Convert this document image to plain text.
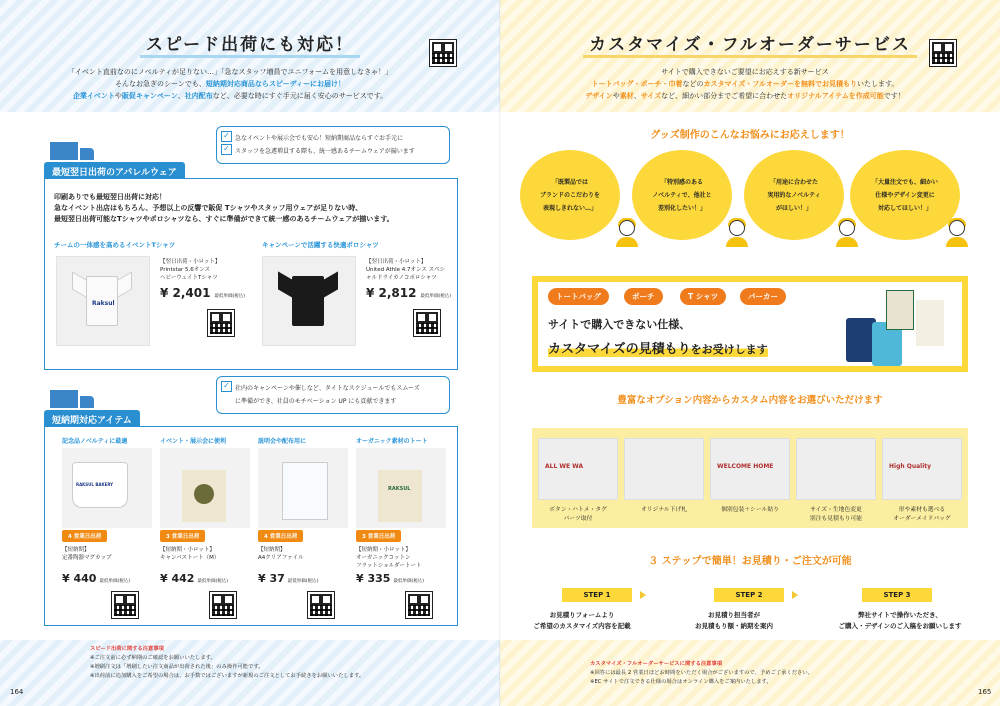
スピード出荷にも対応！
「イベント直前なのにノベルティが足りない…」「急なスタッフ増員でユニフォームを用意しなきゃ！」
そんなお急ぎのシーンでも、短納期対応商品ならスピーディーにお届け！
企業イベントや販促キャンペーン、社内配布など、必要な時にすぐ手元に届く安心のサービスです。
✓ 急なイベントや展示会でも安心！短納期商品ならすぐお手元に
✓ スタッフを急遽増員する際も、統一感あるチームウェアが揃います
最短翌日出荷のアパレルウェア
印刷ありでも最短翌日出荷に対応！
急なイベント出店はもちろん、予想以上の反響で販促 Tシャツやスタッフ用ウェアが足りない時、
最短翌日出荷可能なTシャツやポロシャツなら、すぐに準備ができて統一感のあるチームウェアが揃います。
チームの一体感を高めるイベントTシャツ
Raksul
【翌日出荷・小ロット】
Printstar 5.6オンス
ヘビーウェイトTシャツ
¥ 2,401 最低単価(税込)
キャンペーンで活躍する快適ポロシャツ
【翌日出荷・小ロット】
United Athle 4.7オンス スペシ
ャルドライカノコポロシャツ
¥ 2,812 最低単価(税込)
✓ 社内のキャンペーンや催しなど、タイトなスケジュールでもスムーズ
に準備ができ、社員のモチベーション UP にも貢献できます
短納期対応アイテム
記念品ノベルティに最適
4 営業日出荷
【短納期】
定番陶器マグカップ
¥ 440 最低単価(税込)
イベント・展示会に便利
3 営業日出荷
【短納期・小ロット】
キャンバストート（M）
¥ 442 最低単価(税込)
説明会や配布用に
4 営業日出荷
【短納期】
A4クリアファイル
¥ 37 最低単価(税込)
オーガニック素材のトート
3 営業日出荷
【短納期・小ロット】
オーガニックコットン
フラットショルダートート
¥ 335 最低単価(税込)
RAKSUL BAKERY
RAKSUL
スピード出荷に関する注意事項
※ご注文前に必ず納期のご確認をお願いいたします。
※増刷注文は「増刷したい注文商品が出荷された後」のみ操作可能です。
※出荷前に追加購入をご希望の場合は、お手数ではございますが新規のご注文としてお手続きをお願いいたします。
164
カスタマイズ・フルオーダーサービス
サイトで購入できないご要望にお応えする新サービス
トートバッグ・ポーチ・巾着などのカスタマイズ・フルオーダーを無料でお見積もりいたします。
デザインや素材、サイズなど、細かい部分までご希望に合わせたオリジナルアイテムを作成可能です！
グッズ制作のこんなお悩みにお応えします！
「既製品では
ブランドのこだわりを
表現しきれない…」
「特別感のある
ノベルティで、他社と
差別化したい！」
「用途に合わせた
実用的なノベルティ
がほしい！」
「大量注文でも、細かい
仕様やデザイン変更に
対応してほしい！」
トートバッグ	ポーチ	T シャツ	パーカー
サイトで購入できない仕様、
カスタマイズの見積もりをお受けします
豊富なオプション内容からカスタム内容をお選びいただけます
ALL WE WA
ボタン・ハトメ・タグ
パーツ取付
オリジナル下げ札
WELCOME HOME
個別包装＋シール貼り	サイズ・生地色変更
別注も見積もり可能
High Quality
形や素材も選べる
オーダーメイドバッグ
３ ステップで簡単！お見積り・ご注文が可能
STEP 1
お見積りフォームより
ご希望のカスタマイズ内容を記載
STEP 2
お見積り担当者が
お見積もり額・納期を案内
STEP 3
弊社サイトで操作いただき、
ご購入・デザインのご入稿をお願いします
カスタマイズ・フルオーダーサービスに関する注意事項
※回答には最長 2 営業日ほどお時間をいただく場合がございますので、予めご了承ください。
※EC サイトで注文できる仕様の場合はオンライン購入をご案内いたします。
165
